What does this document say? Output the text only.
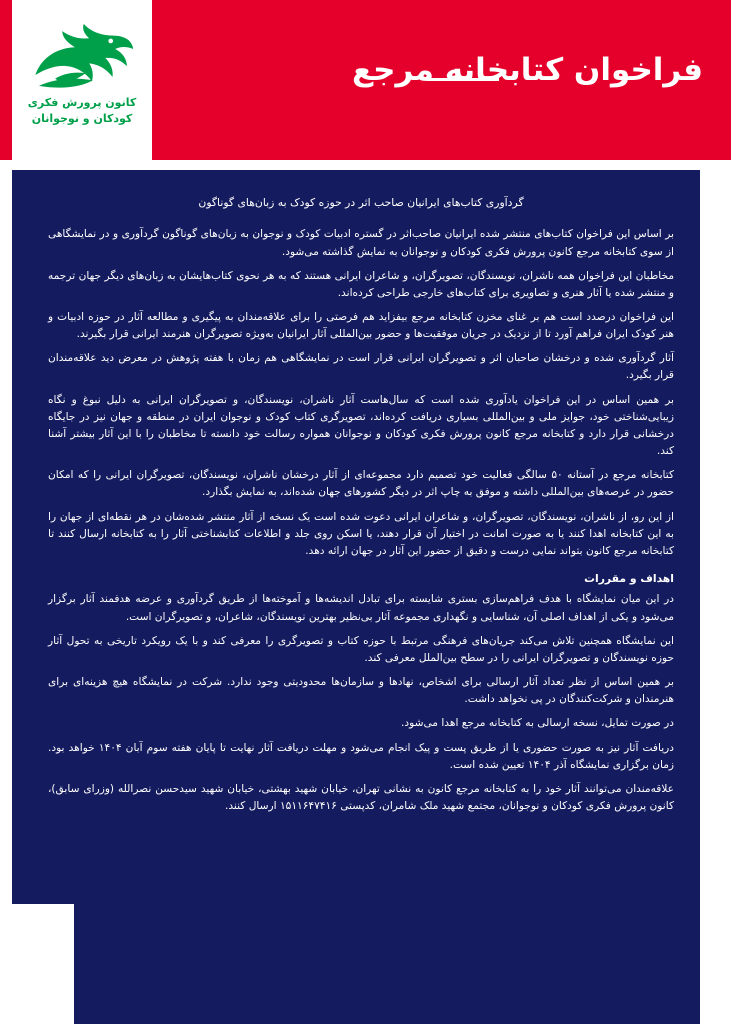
کانون پرورش فکری
کودکان و نوجوانان
فراخوان کتابخانه مرجع
گردآوری کتاب‌های ایرانیان صاحب اثر در حوزه کودک به زبان‌های گوناگون

بر اساس این فراخوان کتاب‌های منتشر شده ایرانیان صاحب‌اثر در گستره ادبیات کودک و نوجوان به زبان‌های گوناگون گردآوری و در نمایشگاهی از سوی کتابخانه مرجع کانون پرورش فکری کودکان و نوجوانان به نمایش گذاشته می‌شود.

مخاطبان این فراخوان همه ناشران، نویسندگان، تصویرگران، و شاعران ایرانی هستند که به هر نحوی کتاب‌هایشان به زبان‌های دیگر جهان ترجمه و منتشر شده یا آثار هنری و تصاویری برای کتاب‌های خارجی طراحی کرده‌اند.

این فراخوان درصدد است هم بر غنای مخزن کتابخانه مرجع بیفزاید هم فرصتی را برای علاقه‌مندان به پیگیری و مطالعه آثار در حوزه ادبیات و هنر کودک ایران فراهم آورد تا از نزدیک در جریان موفقیت‌ها و حضور بین‌المللی آثار ایرانیان به‌ویژه تصویرگران هنرمند ایرانی قرار بگیرند.

آثار گردآوری شده و درخشان صاحبان اثر و تصویرگران ایرانی قرار است در نمایشگاهی هم زمان با هفته پژوهش در معرض دید علاقه‌مندان قرار بگیرد.

بر همین اساس در این فراخوان یادآوری شده است که سال‌هاست آثار ناشران، نویسندگان، و تصویرگران ایرانی به دلیل نبوغ و نگاه زیبایی‌شناختی خود، جوایز ملی و بین‌المللی بسیاری دریافت کرده‌اند، تصویرگری کتاب کودک و نوجوان ایران در منطقه و جهان نیز در جایگاه درخشانی قرار دارد و کتابخانه مرجع کانون پرورش فکری کودکان و نوجوانان همواره رسالت خود دانسته تا مخاطبان را با این آثار بیشتر آشنا کند.

کتابخانه مرجع در آستانه ۵۰ سالگی فعالیت خود تصمیم دارد مجموعه‌ای از آثار درخشان ناشران، نویسندگان، تصویرگران ایرانی را که امکان حضور در عرصه‌های بین‌المللی داشته و موفق به چاپ اثر در دیگر کشورهای جهان شده‌اند، به نمایش بگذارد.

از این رو، از ناشران، نویسندگان، تصویرگران، و شاعران ایرانی دعوت شده است یک نسخه از آثار منتشر شده‌شان در هر نقطه‌ای از جهان را به این کتابخانه اهدا کنند یا به صورت امانت در اختیار آن قرار دهند، یا اسکن روی جلد و اطلاعات کتابشناختی آثار را به کتابخانه ارسال کنند تا کتابخانه مرجع کانون بتواند نمایی درست و دقیق از حضور این آثار در جهان ارائه دهد.

اهداف و مقررات

در این میان نمایشگاه با هدف فراهم‌سازی بستری شایسته برای تبادل اندیشه‌ها و آموخته‌ها از طریق گردآوری و عرضه هدفمند آثار برگزار می‌شود و یکی از اهداف اصلی آن، شناسایی و نگهداری مجموعه آثار بی‌نظیر بهترین نویسندگان، شاعران، و تصویرگران است.

این نمایشگاه همچنین تلاش می‌کند جریان‌های فرهنگی مرتبط با حوزه کتاب و تصویرگری را معرفی کند و با یک رویکرد تاریخی به تحول آثار حوزه نویسندگان و تصویرگران ایرانی را در سطح بین‌الملل معرفی کند.

بر همین اساس از نظر تعداد آثار ارسالی برای اشخاص، نهادها و سازمان‌ها محدودیتی وجود ندارد. شرکت در نمایشگاه هیچ هزینه‌ای برای هنرمندان و شرکت‌کنندگان در پی نخواهد داشت.

در صورت تمایل، نسخه ارسالی به کتابخانه مرجع اهدا می‌شود.

دریافت آثار نیز به صورت حضوری یا از طریق پست و پیک انجام می‌شود و مهلت دریافت آثار نهایت تا پایان هفته سوم آبان ۱۴۰۴ خواهد بود. زمان برگزاری نمایشگاه آذر ۱۴۰۴ تعیین شده است.

علاقه‌مندان می‌توانند آثار خود را به کتابخانه مرجع کانون به نشانی تهران، خیابان شهید بهشتی، خیابان شهید سیدحسن نصرالله (وزرای سابق)، کانون پرورش فکری کودکان و نوجوانان، مجتمع شهید ملک شامران، کدپستی ۱۵۱۱۶۴۷۴۱۶ ارسال کنند.
